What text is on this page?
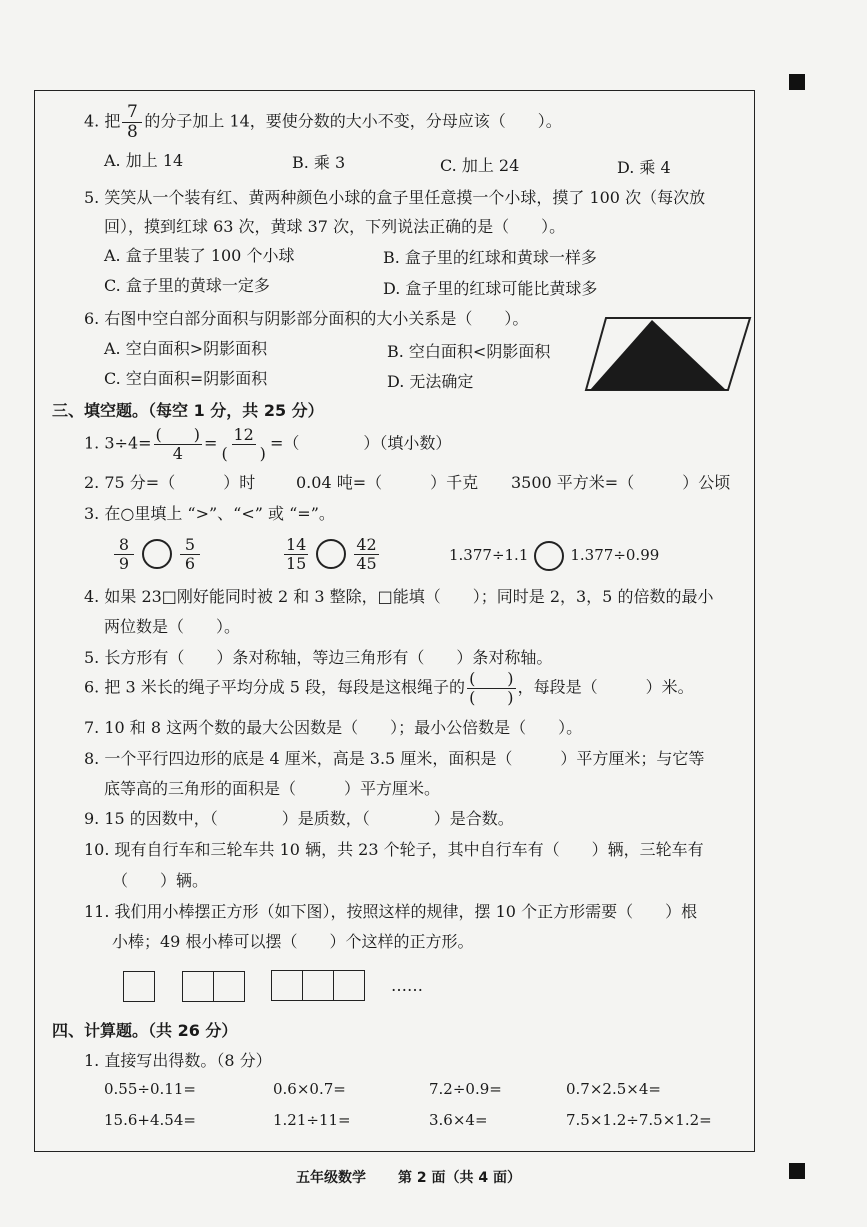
4. 把 $\frac{7}{8}$ 的分子加上 14，要使分数的大小不变，分母应该（　　）。
A. 加上 14	B. 乘 3	C. 加上 24	D. 乘 4
5. 笑笑从一个装有红、黄两种颜色小球的盒子里任意摸一个小球，摸了 100 次（每次放
回），摸到红球 63 次，黄球 37 次，下列说法正确的是（　　）。
A. 盒子里装了 100 个小球	B. 盒子里的红球和黄球一样多
C. 盒子里的黄球一定多	D. 盒子里的红球可能比黄球多
6. 右图中空白部分面积与阴影部分面积的大小关系是（　　）。
A. 空白面积>阴影面积	B. 空白面积<阴影面积
C. 空白面积=阴影面积	D. 无法确定
三、填空题。（每空 1 分，共 25 分）
1. $3\div 4= \frac{( )}{4} = \frac{12}{( )}$ =（　　　　）（填小数）
2. 75 分=（　　　）时	0.04 吨=（　　　）千克 3500 平方米=（　　　）公顷
3. 在○里填上 “>”、“<” 或 “=”。
$\frac{8}{9}$	$\frac{5}{6}$	$\frac{14}{15}$	$\frac{42}{45}$	1.377÷1.1	1.377÷0.99
4. 如果 23□刚好能同时被 2 和 3 整除，□能填（　　）；同时是 2，3，5 的倍数的最小
两位数是（　　）。
5. 长方形有（　　）条对称轴，等边三角形有（　　）条对称轴。
6. 把 3 米长的绳子平均分成 5 段，每段是这根绳子的 $\frac{( )}{( )}$ ，每段是（　　　）米。
7. 10 和 8 这两个数的最大公因数是（　　）；最小公倍数是（　　）。
8. 一个平行四边形的底是 4 厘米，高是 3.5 厘米，面积是（　　　）平方厘米；与它等
底等高的三角形的面积是（　　　）平方厘米。
9. 15 的因数中，（　　　　）是质数，（　　　　）是合数。
10. 现有自行车和三轮车共 10 辆，共 23 个轮子，其中自行车有（　　）辆，三轮车有
（　　）辆。
11. 我们用小棒摆正方形（如下图），按照这样的规律，摆 10 个正方形需要（　　）根
小棒；49 根小棒可以摆（　　）个这样的正方形。
……
四、计算题。（共 26 分）
1. 直接写出得数。（8 分）
0.55÷0.11=	0.6×0.7=	7.2÷0.9=	0.7×2.5×4=
15.6+4.54=	1.21÷11=	3.6×4=	7.5×1.2÷7.5×1.2=
五年级数学 第 2 面（共 4 面）
